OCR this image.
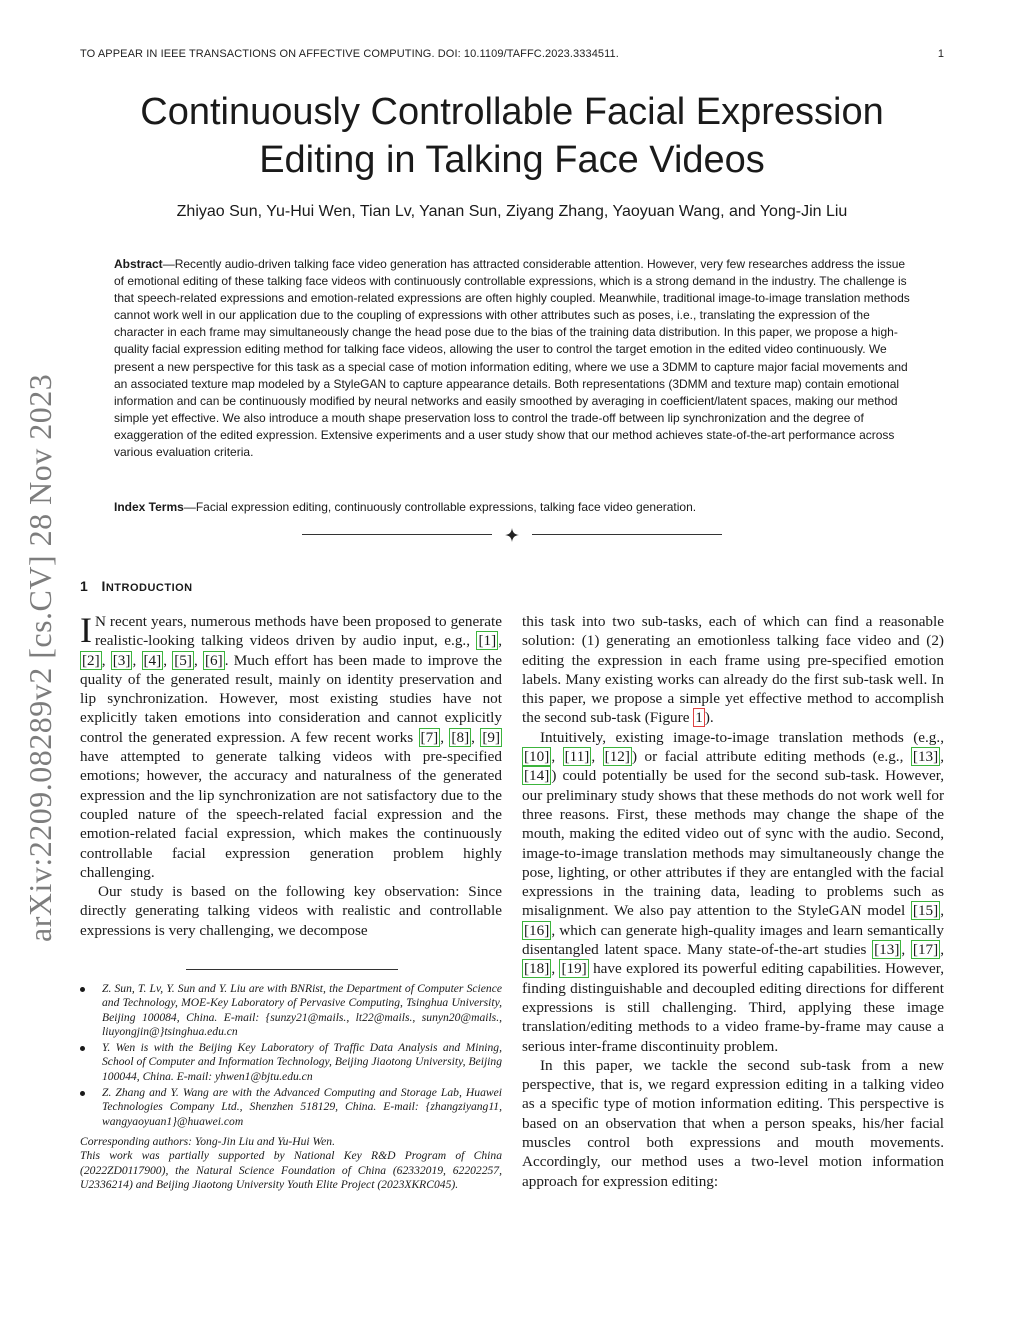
TO APPEAR IN IEEE TRANSACTIONS ON AFFECTIVE COMPUTING. DOI: 10.1109/TAFFC.2023.3334511.	1
arXiv:2209.08289v2 [cs.CV] 28 Nov 2023
Continuously Controllable Facial Expression
Editing in Talking Face Videos
Zhiyao Sun, Yu-Hui Wen, Tian Lv, Yanan Sun, Ziyang Zhang, Yaoyuan Wang, and Yong-Jin Liu
Abstract—Recently audio-driven talking face video generation has attracted considerable attention. However, very few researches address the issue of emotional editing of these talking face videos with continuously controllable expressions, which is a strong demand in the industry. The challenge is that speech-related expressions and emotion-related expressions are often highly coupled. Meanwhile, traditional image-to-image translation methods cannot work well in our application due to the coupling of expressions with other attributes such as poses, i.e., translating the expression of the character in each frame may simultaneously change the head pose due to the bias of the training data distribution. In this paper, we propose a high-quality facial expression editing method for talking face videos, allowing the user to control the target emotion in the edited video continuously. We present a new perspective for this task as a special case of motion information editing, where we use a 3DMM to capture major facial movements and an associated texture map modeled by a StyleGAN to capture appearance details. Both representations (3DMM and texture map) contain emotional information and can be continuously modified by neural networks and easily smoothed by averaging in coefficient/latent spaces, making our method simple yet effective. We also introduce a mouth shape preservation loss to control the trade-off between lip synchronization and the degree of exaggeration of the edited expression. Extensive experiments and a user study show that our method achieves state-of-the-art performance across various evaluation criteria.
Index Terms—Facial expression editing, continuously controllable expressions, talking face video generation.
1 INTRODUCTION

I N recent years, numerous methods have been proposed to generate realistic-looking talking videos driven by audio input, e.g., [1] , [2] , [3] , [4] , [5] , [6] . Much effort has been made to improve the quality of the generated result, mainly on identity preservation and lip synchronization. However, most existing studies have not explicitly taken emotions into consideration and cannot explicitly control the generated expression. A few recent works [7] , [8] , [9] have attempted to generate talking videos with pre-specified emotions; however, the accuracy and naturalness of the generated expression and the lip synchronization are not satisfactory due to the coupled nature of the speech-related facial expression and the emotion-related facial expression, which makes the continuously controllable facial expression generation problem highly challenging.

Our study is based on the following key observation: Since directly generating talking videos with realistic and controllable expressions is very challenging, we decompose

Z. Sun, T. Lv, Y. Sun and Y. Liu are with BNRist, the Department of Computer Science and Technology, MOE-Key Laboratory of Pervasive Computing, Tsinghua University, Beijing 100084, China. E-mail: {sunzy21@mails., lt22@mails., sunyn20@mails., liuyongjin@}tsinghua.edu.cn
Y. Wen is with the Beijing Key Laboratory of Traffic Data Analysis and Mining, School of Computer and Information Technology, Beijing Jiaotong University, Beijing 100044, China. E-mail: yhwen1@bjtu.edu.cn
Z. Zhang and Y. Wang are with the Advanced Computing and Storage Lab, Huawei Technologies Company Ltd., Shenzhen 518129, China. E-mail: {zhangziyang11, wangyaoyuan1}@huawei.com
Corresponding authors: Yong-Jin Liu and Yu-Hui Wen.
This work was partially supported by National Key R&D Program of China (2022ZD0117900), the Natural Science Foundation of China (62332019, 62202257, U2336214) and Beijing Jiaotong University Youth Elite Project (2023XKRC045).

this task into two sub-tasks, each of which can find a reasonable solution: (1) generating an emotionless talking face video and (2) editing the expression in each frame using pre-specified emotion labels. Many existing works can already do the first sub-task well. In this paper, we propose a simple yet effective method to accomplish the second sub-task (Figure 1 ).

Intuitively, existing image-to-image translation methods (e.g., [10] , [11] , [12] ) or facial attribute editing methods (e.g., [13] , [14] ) could potentially be used for the second sub-task. However, our preliminary study shows that these methods do not work well for three reasons. First, these methods may change the shape of the mouth, making the edited video out of sync with the audio. Second, image-to-image translation methods may simultaneously change the pose, lighting, or other attributes if they are entangled with the facial expressions in the training data, leading to problems such as misalignment. We also pay attention to the StyleGAN model [15] , [16] , which can generate high-quality images and learn semantically disentangled latent space. Many state-of-the-art studies [13] , [17] , [18] , [19] have explored its powerful editing capabilities. However, finding distinguishable and decoupled editing directions for different expressions is still challenging. Third, applying these image translation/editing methods to a video frame-by-frame may cause a serious inter-frame discontinuity problem.

In this paper, we tackle the second sub-task from a new perspective, that is, we regard expression editing in a talking video as a specific type of motion information editing. This perspective is based on an observation that when a person speaks, his/her facial muscles control both expressions and mouth movements. Accordingly, our method uses a two-level motion information approach for expression editing:
